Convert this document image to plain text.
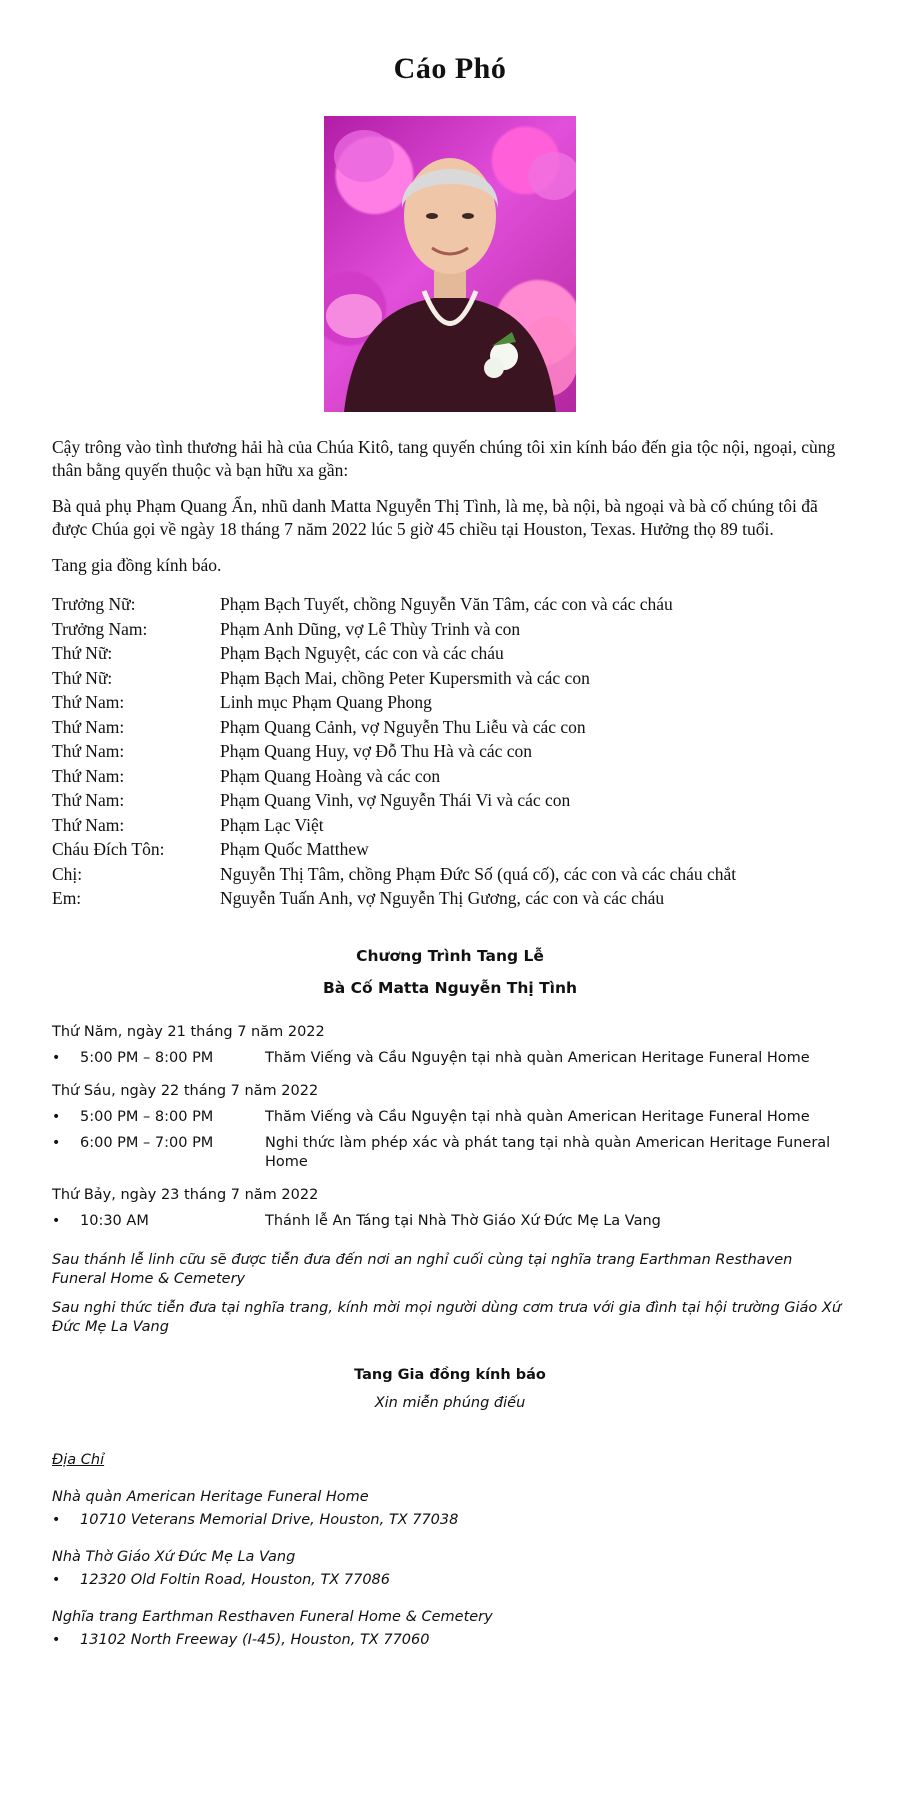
Cáo Phó
Cậy trông vào tình thương hải hà của Chúa Kitô, tang quyến chúng tôi xin kính báo đến gia tộc nội, ngoại, cùng thân bằng quyến thuộc và bạn hữu xa gần:
Bà quả phụ Phạm Quang Ẩn, nhũ danh Matta Nguyễn Thị Tình, là mẹ, bà nội, bà ngoại và bà cố chúng tôi đã được Chúa gọi về ngày 18 tháng 7 năm 2022 lúc 5 giờ 45 chiều tại Houston, Texas. Hưởng thọ 89 tuổi.
Tang gia đồng kính báo.
Trưởng Nữ:	Phạm Bạch Tuyết, chồng Nguyễn Văn Tâm, các con và các cháu
Trưởng Nam:	Phạm Anh Dũng, vợ Lê Thùy Trinh và con
Thứ Nữ:	Phạm Bạch Nguyệt, các con và các cháu
Thứ Nữ:	Phạm Bạch Mai, chồng Peter Kupersmith và các con
Thứ Nam:	Linh mục Phạm Quang Phong
Thứ Nam:	Phạm Quang Cảnh, vợ Nguyễn Thu Liễu và các con
Thứ Nam:	Phạm Quang Huy, vợ Đỗ Thu Hà và các con
Thứ Nam:	Phạm Quang Hoàng và các con
Thứ Nam:	Phạm Quang Vinh, vợ Nguyễn Thái Vi và các con
Thứ Nam:	Phạm Lạc Việt
Cháu Đích Tôn:	Phạm Quốc Matthew
Chị:	Nguyễn Thị Tâm, chồng Phạm Đức Số (quá cố), các con và các cháu chắt
Em:	Nguyễn Tuấn Anh, vợ Nguyễn Thị Gương, các con và các cháu
Chương Trình Tang Lễ
Bà Cố Matta Nguyễn Thị Tình
Thứ Năm, ngày 21 tháng 7 năm 2022
•	5:00 PM – 8:00 PM	Thăm Viếng và Cầu Nguyện tại nhà quàn American Heritage Funeral Home
Thứ Sáu, ngày 22 tháng 7 năm 2022
•	5:00 PM – 8:00 PM	Thăm Viếng và Cầu Nguyện tại nhà quàn American Heritage Funeral Home
•	6:00 PM – 7:00 PM	Nghi thức làm phép xác và phát tang tại nhà quàn American Heritage Funeral Home
Thứ Bảy, ngày 23 tháng 7 năm 2022
•	10:30 AM	Thánh lễ An Táng tại Nhà Thờ Giáo Xứ Đức Mẹ La Vang
Sau thánh lễ linh cữu sẽ được tiễn đưa đến nơi an nghỉ cuối cùng tại nghĩa trang Earthman Resthaven Funeral Home & Cemetery
Sau nghi thức tiễn đưa tại nghĩa trang, kính mời mọi người dùng cơm trưa với gia đình tại hội trường Giáo Xứ Đức Mẹ La Vang
Tang Gia đồng kính báo
Xin miễn phúng điếu
Địa Chỉ
Nhà quàn American Heritage Funeral Home
•	10710 Veterans Memorial Drive, Houston, TX 77038
Nhà Thờ Giáo Xứ Đức Mẹ La Vang
•	12320 Old Foltin Road, Houston, TX 77086
Nghĩa trang Earthman Resthaven Funeral Home & Cemetery
•	13102 North Freeway (I-45), Houston, TX 77060
